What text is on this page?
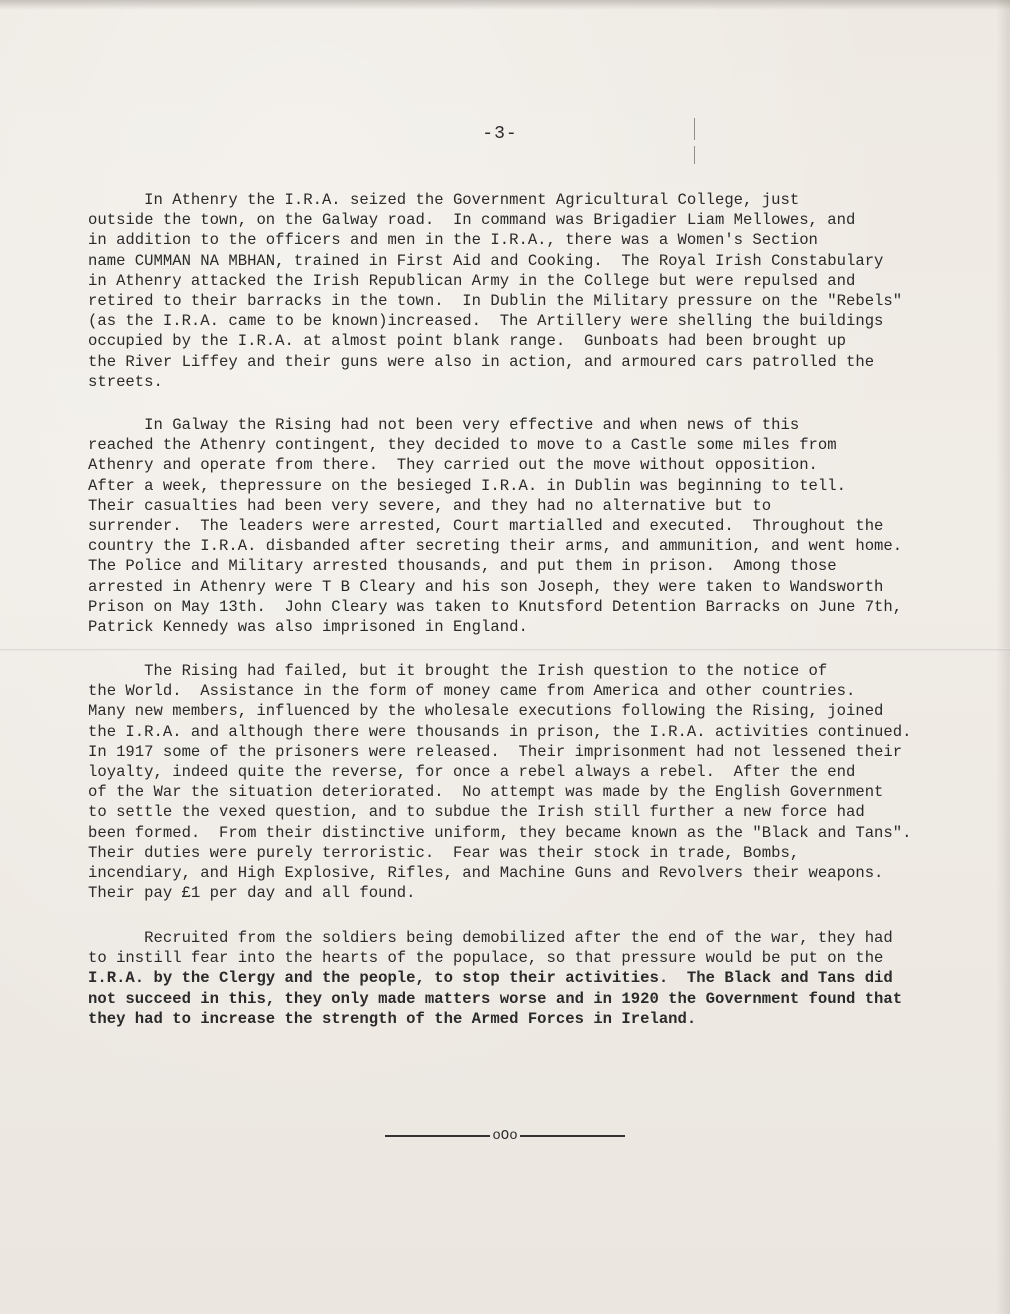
-3-

In Athenry the I.R.A. seized the Government Agricultural College, just
outside the town, on the Galway road.  In command was Brigadier Liam Mellowes, and
in addition to the officers and men in the I.R.A., there was a Women's Section
name CUMMAN NA MBHAN, trained in First Aid and Cooking.  The Royal Irish Constabulary
in Athenry attacked the Irish Republican Army in the College but were repulsed and
retired to their barracks in the town.  In Dublin the Military pressure on the "Rebels"
(as the I.R.A. came to be known)increased.  The Artillery were shelling the buildings
occupied by the I.R.A. at almost point blank range.  Gunboats had been brought up
the River Liffey and their guns were also in action, and armoured cars patrolled the
streets.

In Galway the Rising had not been very effective and when news of this
reached the Athenry contingent, they decided to move to a Castle some miles from
Athenry and operate from there.  They carried out the move without opposition.
After a week, thepressure on the besieged I.R.A. in Dublin was beginning to tell.
Their casualties had been very severe, and they had no alternative but to
surrender.  The leaders were arrested, Court martialled and executed.  Throughout the
country the I.R.A. disbanded after secreting their arms, and ammunition, and went home.
The Police and Military arrested thousands, and put them in prison.  Among those
arrested in Athenry were T B Cleary and his son Joseph, they were taken to Wandsworth
Prison on May 13th.  John Cleary was taken to Knutsford Detention Barracks on June 7th,
Patrick Kennedy was also imprisoned in England.

The Rising had failed, but it brought the Irish question to the notice of
the World.  Assistance in the form of money came from America and other countries.
Many new members, influenced by the wholesale executions following the Rising, joined
the I.R.A. and although there were thousands in prison, the I.R.A. activities continued.
In 1917 some of the prisoners were released.  Their imprisonment had not lessened their
loyalty, indeed quite the reverse, for once a rebel always a rebel.  After the end
of the War the situation deteriorated.  No attempt was made by the English Government
to settle the vexed question, and to subdue the Irish still further a new force had
been formed.  From their distinctive uniform, they became known as the "Black and Tans".
Their duties were purely terroristic.  Fear was their stock in trade, Bombs,
incendiary, and High Explosive, Rifles, and Machine Guns and Revolvers their weapons.
Their pay £1 per day and all found.

Recruited from the soldiers being demobilized after the end of the war, they had
to instill fear into the hearts of the populace, so that pressure would be put on the
I.R.A. by the Clergy and the people, to stop their activities.  The Black and Tans did
not succeed in this, they only made matters worse and in 1920 the Government found that
they had to increase the strength of the Armed Forces in Ireland.

oOo
